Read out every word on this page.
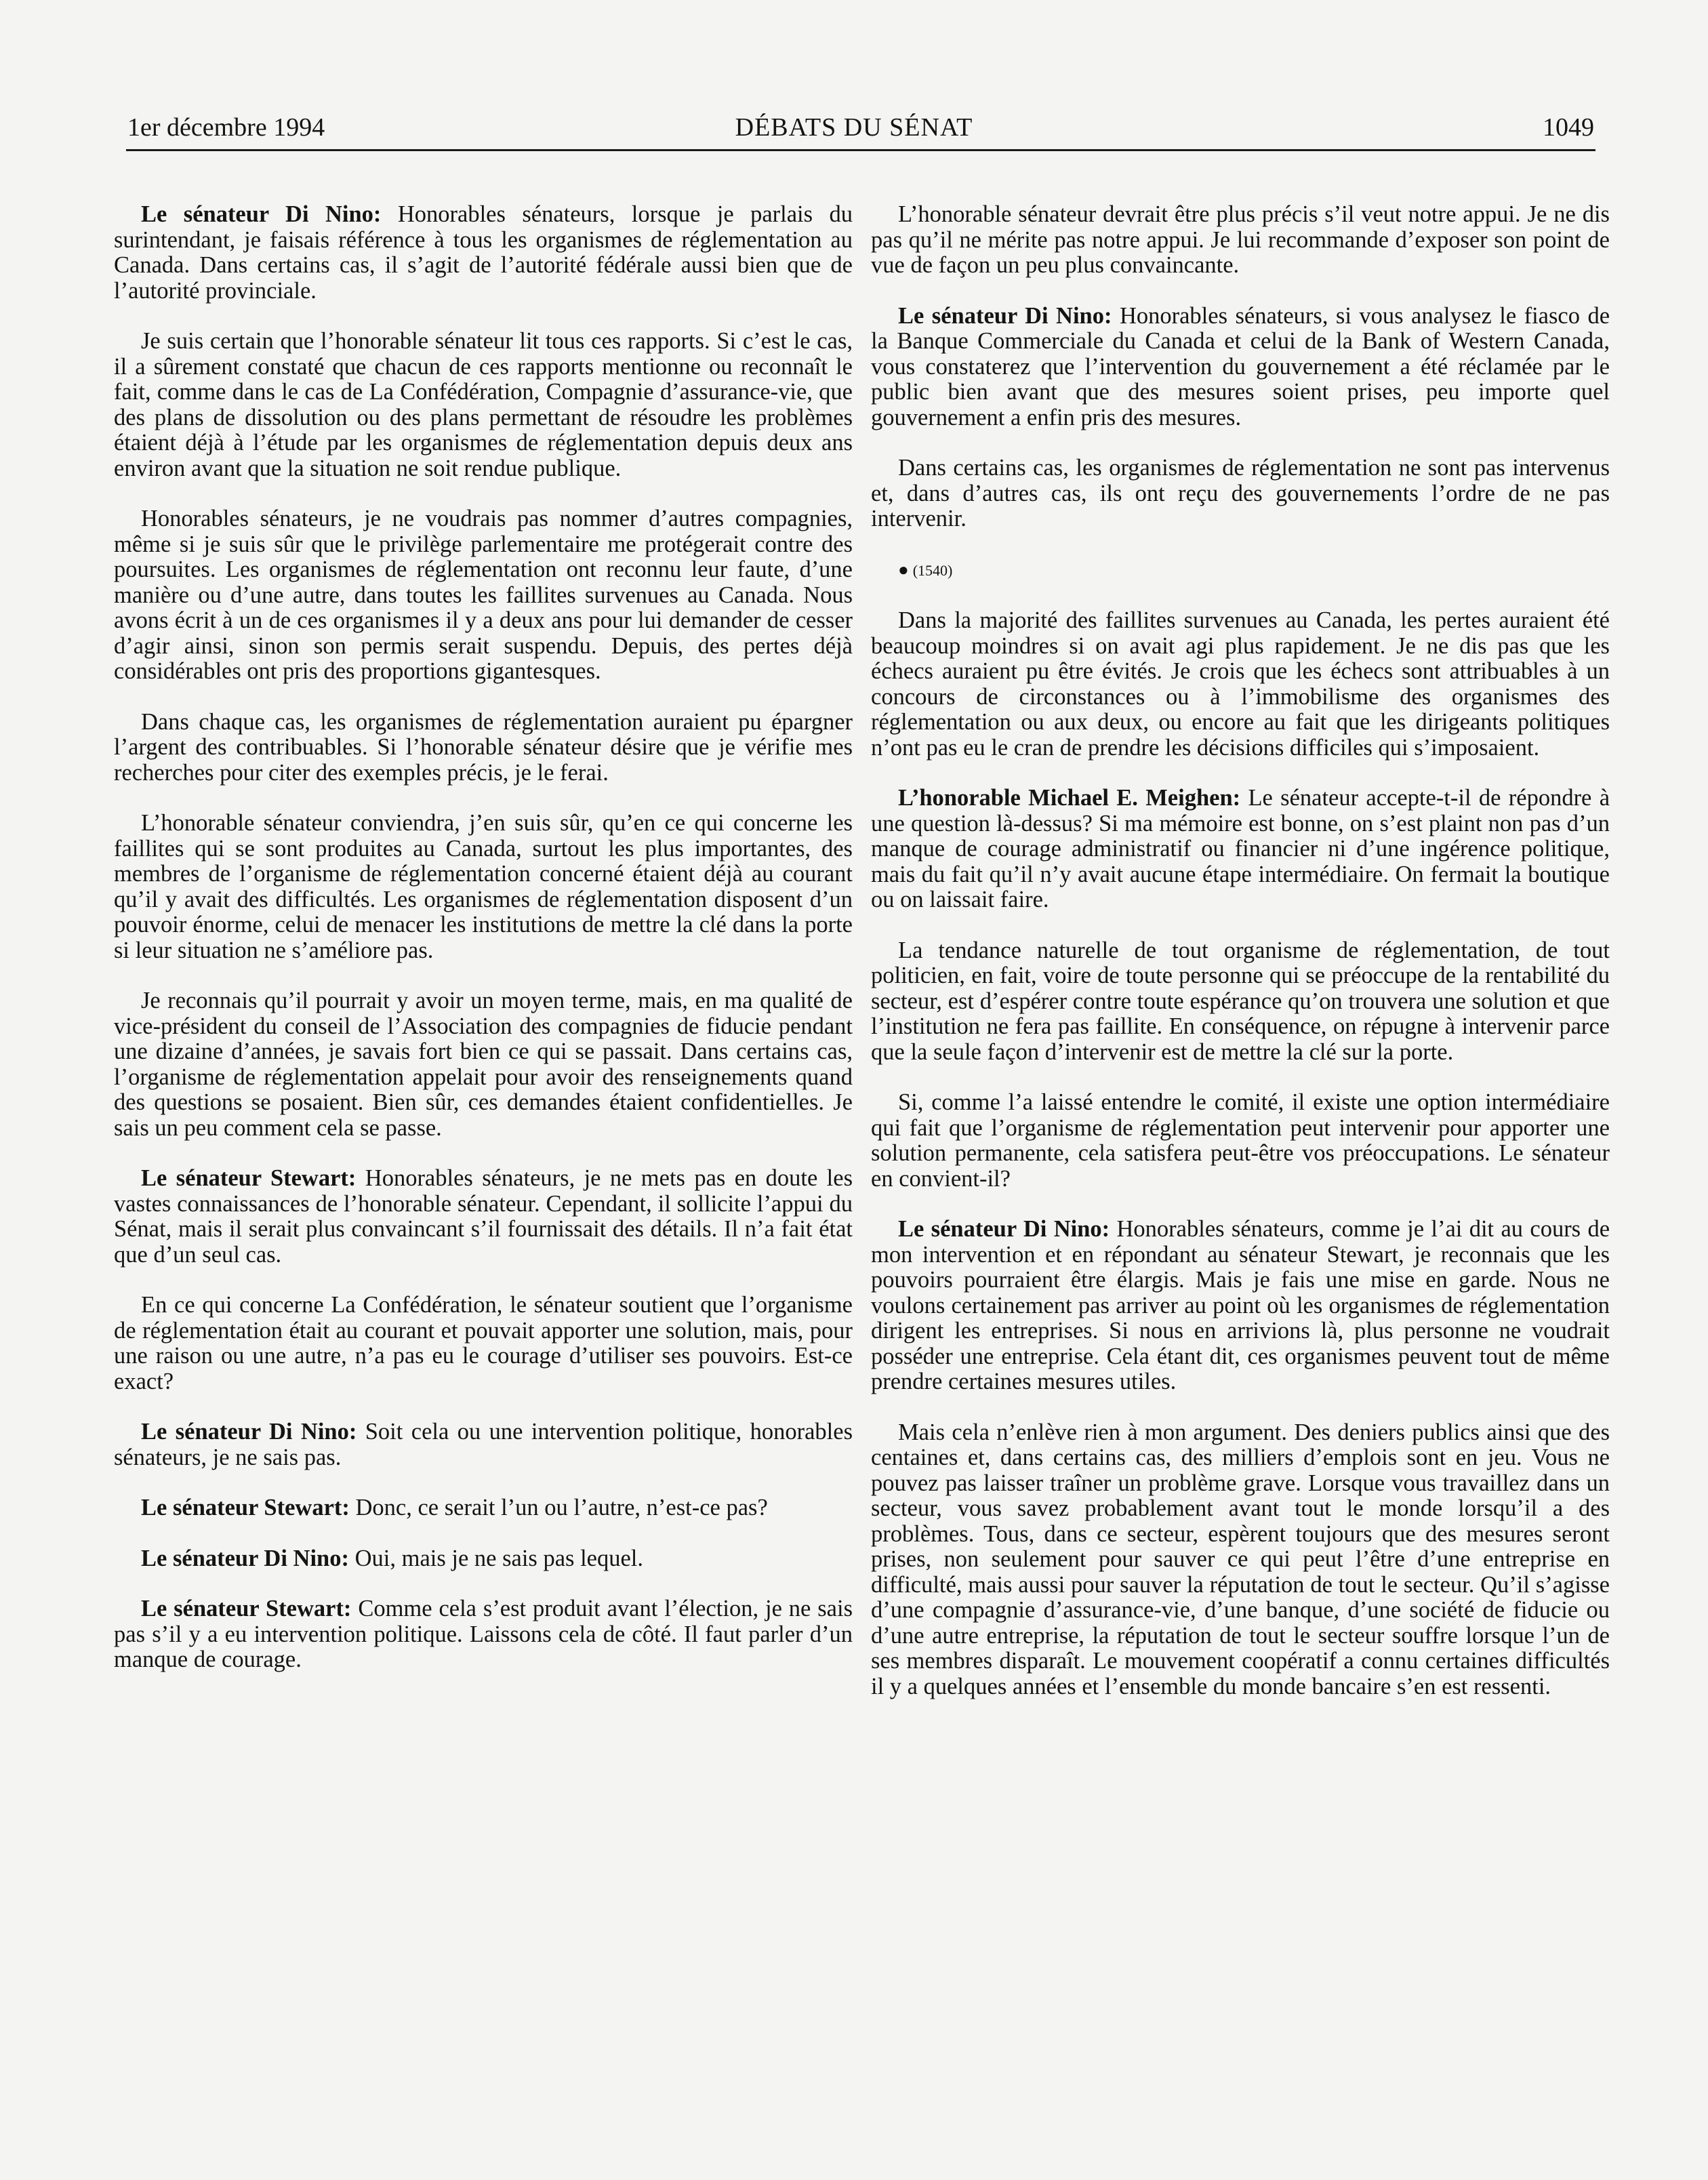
1er décembre 1994	DÉBATS DU SÉNAT	1049

Le sénateur Di Nino: Honorables sénateurs, lorsque je parlais du surintendant, je faisais référence à tous les organismes de réglementation au Canada. Dans certains cas, il s’agit de l’autorité fédérale aussi bien que de l’autorité provinciale.

Je suis certain que l’honorable sénateur lit tous ces rapports. Si c’est le cas, il a sûrement constaté que chacun de ces rapports mentionne ou reconnaît le fait, comme dans le cas de La Confédération, Compagnie d’assurance-vie, que des plans de dissolution ou des plans permettant de résoudre les problèmes étaient déjà à l’étude par les organismes de réglementation depuis deux ans environ avant que la situation ne soit rendue publique.

Honorables sénateurs, je ne voudrais pas nommer d’autres compagnies, même si je suis sûr que le privilège parlementaire me protégerait contre des poursuites. Les organismes de réglementation ont reconnu leur faute, d’une manière ou d’une autre, dans toutes les faillites survenues au Canada. Nous avons écrit à un de ces organismes il y a deux ans pour lui demander de cesser d’agir ainsi, sinon son permis serait suspendu. Depuis, des pertes déjà considérables ont pris des proportions gigantesques.

Dans chaque cas, les organismes de réglementation auraient pu épargner l’argent des contribuables. Si l’honorable sénateur désire que je vérifie mes recherches pour citer des exemples précis, je le ferai.

L’honorable sénateur conviendra, j’en suis sûr, qu’en ce qui concerne les faillites qui se sont produites au Canada, surtout les plus importantes, des membres de l’organisme de réglementation concerné étaient déjà au courant qu’il y avait des difficultés. Les organismes de réglementation disposent d’un pouvoir énorme, celui de menacer les institutions de mettre la clé dans la porte si leur situation ne s’améliore pas.

Je reconnais qu’il pourrait y avoir un moyen terme, mais, en ma qualité de vice-président du conseil de l’Association des compagnies de fiducie pendant une dizaine d’années, je savais fort bien ce qui se passait. Dans certains cas, l’organisme de réglementation appelait pour avoir des renseignements quand des questions se posaient. Bien sûr, ces demandes étaient confidentielles. Je sais un peu comment cela se passe.

Le sénateur Stewart: Honorables sénateurs, je ne mets pas en doute les vastes connaissances de l’honorable sénateur. Cependant, il sollicite l’appui du Sénat, mais il serait plus convaincant s’il fournissait des détails. Il n’a fait état que d’un seul cas.

En ce qui concerne La Confédération, le sénateur soutient que l’organisme de réglementation était au courant et pouvait apporter une solution, mais, pour une raison ou une autre, n’a pas eu le courage d’utiliser ses pouvoirs. Est-ce exact?

Le sénateur Di Nino: Soit cela ou une intervention politique, honorables sénateurs, je ne sais pas.

Le sénateur Stewart: Donc, ce serait l’un ou l’autre, n’est-ce pas?

Le sénateur Di Nino: Oui, mais je ne sais pas lequel.

Le sénateur Stewart: Comme cela s’est produit avant l’élection, je ne sais pas s’il y a eu intervention politique. Laissons cela de côté. Il faut parler d’un manque de courage.

L’honorable sénateur devrait être plus précis s’il veut notre appui. Je ne dis pas qu’il ne mérite pas notre appui. Je lui recommande d’exposer son point de vue de façon un peu plus convaincante.

Le sénateur Di Nino: Honorables sénateurs, si vous analysez le fiasco de la Banque Commerciale du Canada et celui de la Bank of Western Canada, vous constaterez que l’intervention du gouvernement a été réclamée par le public bien avant que des mesures soient prises, peu importe quel gouvernement a enfin pris des mesures.

Dans certains cas, les organismes de réglementation ne sont pas intervenus et, dans d’autres cas, ils ont reçu des gouvernements l’ordre de ne pas intervenir.

● (1540)

Dans la majorité des faillites survenues au Canada, les pertes auraient été beaucoup moindres si on avait agi plus rapidement. Je ne dis pas que les échecs auraient pu être évités. Je crois que les échecs sont attribuables à un concours de circonstances ou à l’immobilisme des organismes des réglementation ou aux deux, ou encore au fait que les dirigeants politiques n’ont pas eu le cran de prendre les décisions difficiles qui s’imposaient.

L’honorable Michael E. Meighen: Le sénateur accepte-t-il de répondre à une question là-dessus? Si ma mémoire est bonne, on s’est plaint non pas d’un manque de courage administratif ou financier ni d’une ingérence politique, mais du fait qu’il n’y avait aucune étape intermédiaire. On fermait la boutique ou on laissait faire.

La tendance naturelle de tout organisme de réglementation, de tout politicien, en fait, voire de toute personne qui se préoccupe de la rentabilité du secteur, est d’espérer contre toute espérance qu’on trouvera une solution et que l’institution ne fera pas faillite. En conséquence, on répugne à intervenir parce que la seule façon d’intervenir est de mettre la clé sur la porte.

Si, comme l’a laissé entendre le comité, il existe une option intermédiaire qui fait que l’organisme de réglementation peut intervenir pour apporter une solution permanente, cela satisfera peut-être vos préoccupations. Le sénateur en convient-il?

Le sénateur Di Nino: Honorables sénateurs, comme je l’ai dit au cours de mon intervention et en répondant au sénateur Stewart, je reconnais que les pouvoirs pourraient être élargis. Mais je fais une mise en garde. Nous ne voulons certainement pas arriver au point où les organismes de réglementation dirigent les entreprises. Si nous en arrivions là, plus personne ne voudrait posséder une entreprise. Cela étant dit, ces organismes peuvent tout de même prendre certaines mesures utiles.

Mais cela n’enlève rien à mon argument. Des deniers publics ainsi que des centaines et, dans certains cas, des milliers d’emplois sont en jeu. Vous ne pouvez pas laisser traîner un problème grave. Lorsque vous travaillez dans un secteur, vous savez probablement avant tout le monde lorsqu’il a des problèmes. Tous, dans ce secteur, espèrent toujours que des mesures seront prises, non seulement pour sauver ce qui peut l’être d’une entreprise en difficulté, mais aussi pour sauver la réputation de tout le secteur. Qu’il s’agisse d’une compagnie d’assurance-vie, d’une banque, d’une société de fiducie ou d’une autre entreprise, la réputation de tout le secteur souffre lorsque l’un de ses membres disparaît. Le mouvement coopératif a connu certaines difficultés il y a quelques années et l’ensemble du monde bancaire s’en est ressenti.
